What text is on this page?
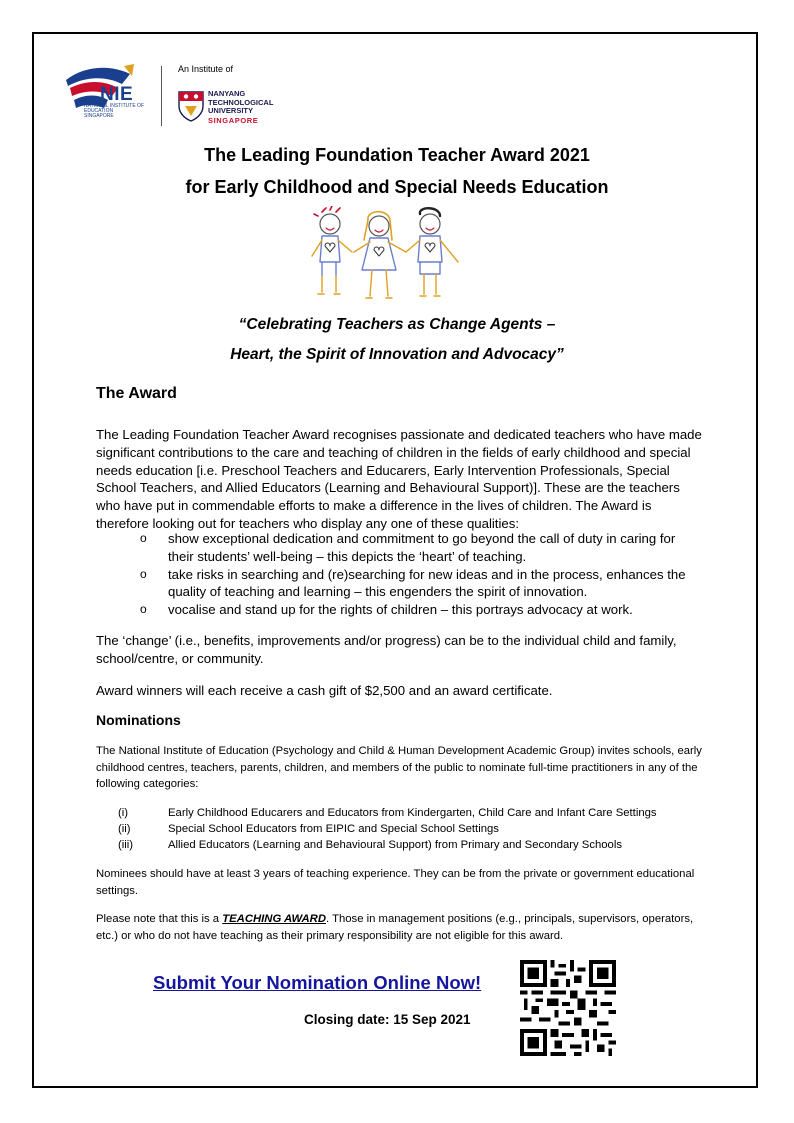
NIE
NATIONAL INSTITUTE OF EDUCATION SINGAPORE
An Institute of
NANYANG
TECHNOLOGICAL
UNIVERSITY
SINGAPORE
The Leading Foundation Teacher Award 2021
for Early Childhood and Special Needs Education
“Celebrating Teachers as Change Agents –
Heart, the Spirit of Innovation and Advocacy”
The Award

The Leading Foundation Teacher Award recognises passionate and dedicated teachers who have made significant contributions to the care and teaching of children in the fields of early childhood and special needs education [i.e. Preschool Teachers and Educarers, Early Intervention Professionals, Special School Teachers, and Allied Educators (Learning and Behavioural Support)]. These are the teachers who have put in commendable efforts to make a difference in the lives of children. The Award is therefore looking out for teachers who display any one of these qualities:

o show exceptional dedication and commitment to go beyond the call of duty in caring for their students’ well-being – this depicts the ‘heart’ of teaching.
o take risks in searching and (re)searching for new ideas and in the process, enhances the quality of teaching and learning – this engenders the spirit of innovation.
o vocalise and stand up for the rights of children – this portrays advocacy at work.

The ‘change’ (i.e., benefits, improvements and/or progress) can be to the individual child and family, school/centre, or community.

Award winners will each receive a cash gift of $2,500 and an award certificate.

Nominations

The National Institute of Education (Psychology and Child & Human Development Academic Group) invites schools, early childhood centres, teachers, parents, children, and members of the public to nominate full-time practitioners in any of the following categories:

(i)	Early Childhood Educarers and Educators from Kindergarten, Child Care and Infant Care Settings
(ii)	Special School Educators from EIPIC and Special School Settings
(iii)	Allied Educators (Learning and Behavioural Support) from Primary and Secondary Schools

Nominees should have at least 3 years of teaching experience. They can be from the private or government educational settings.

Please note that this is a TEACHING AWARD. Those in management positions (e.g., principals, supervisors, operators, etc.) or who do not have teaching as their primary responsibility are not eligible for this award.

Submit Your Nomination Online Now!
Closing date: 15 Sep 2021
